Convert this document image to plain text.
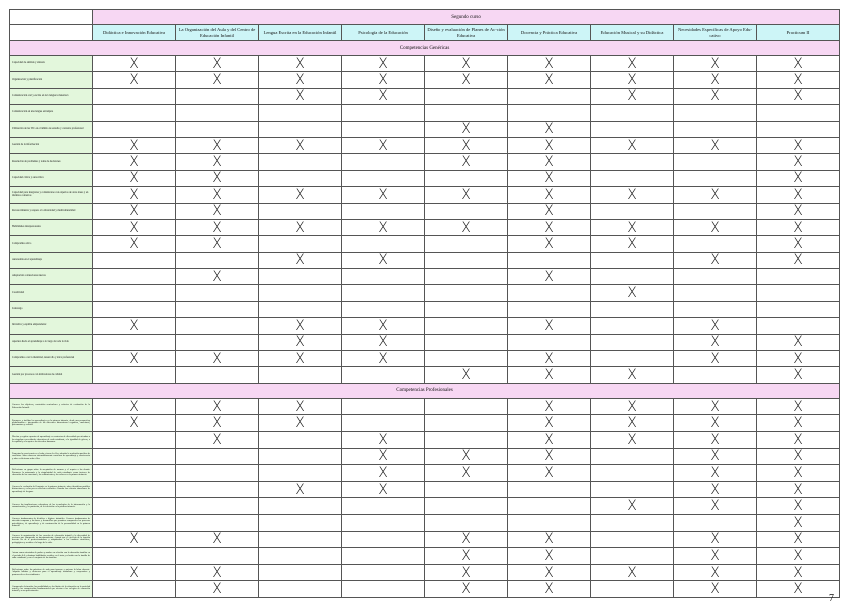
	Segundo curso								
	Didáctica e Innovación Educativa	La Organización del Aula y del Centro de Educación Infantil	Lengua Escrita en la Educación Infantil	Psicología de la Educación	Diseño y evaluación de Planes de Ac-ción Educativa	Docencia y Práctica Educativa	Educación Musical y su Didáctica	Necesidades Específicas de Apoyo Edu-cativo	Practicum II
Competencias Genéricas									
Capacidad de análisis y síntesis	X	X	X	X	X	X	X	X	X
Organización y planificación	X	X	X	X	X	X	X	X	X
Comunicación oral y escrita en la/s lengua/s materna/s			X	X			X	X	X
Comunicación en una lengua extranjera									
Utilización de las TIC en el ámbito de estudio y contexto profesional					X	X			
Gestión de la información	X	X	X	X	X	X	X	X	X
Resolución de problemas y toma de decisiones	X	X			X	X			X
Capacidad crítica y autocrítica	X	X				X			X
Capacidad para integrarse y comunicarse con expertos de otras áreas y en distintos contextos	X	X	X	X	X	X	X	X	X
Reconocimiento y respeto a la diversidad y multiculturalidad	X	X				X			X
Habilidades interpersonales	X	X	X	X	X	X	X	X	X
Compromiso ético	X	X				X	X		X
Autonomía en el aprendizaje			X	X				X	X
Adaptación a situaciones nuevas		X				X			
Creatividad							X		
Liderazgo									
Iniciativa y espíritu emprendedor	X		X	X		X		X	
Apertura hacia el aprendizaje a lo largo de toda la vida			X	X				X	X
Compromiso con la identidad, desarrollo y ética profesional	X	X	X	X		X		X	X
Gestión por procesos con indicadores de calidad					X	X	X		X
Competencias Profesionales									
Conocer los objetivos, contenidos curriculares y criterios de evaluación de la Educación Infantil.	X	X	X			X	X	X	X
Promover y facilitar los aprendizajes en la primera infancia, desde una perspectiva globalizadora e integradora de las diferentes dimensiones cognitiva, emocional, psicomotora y volitiva.	X	X	X			X	X	X	X
Diseñar y regular espacios de aprendizaje en contextos de diversidad que atiendan a las singulares necesidades educativas de cada estudiante, a la igualdad de género, a la equidad y al respeto a los derechos humanos.		X		X		X	X	X	X
Fomentar la convivencia en el aula y fuera de ella y abordar la resolución pacífica de conflictos. Saber observar sistemáticamente contextos de aprendizaje y convivencia y saber reflexionar sobre ellos.				X	X	X		X	X
Reflexionar en grupo sobre la aceptación de normas y el respeto a los demás. Promover la autonomía y la singularidad de cada estudiante como factores de educación de las emociones, los sentimientos y los valores en la primera infancia.				X	X	X		X	X
Conocer la evolución del lenguaje en la primera infancia, saber identificar posibles disfunciones y velar por su correcta evolución. Abordar con eficacia situaciones de aprendizaje de lenguas.			X	X				X	X
Conocer las implicaciones educativas de las tecnologías de la información y la comunicación y, en particular, de la televisión en la primera infancia.							X	X	X
Conocer fundamentos de dietética e higiene infantiles. Conocer fundamentos de atención temprana y las bases y desarrollos que permiten comprender los procesos psicológicos, de aprendizaje y de construcción de la personalidad en la primera infancia.									X
Conocer la organización de las escuelas de educación infantil y la diversidad de acciones que comprende su funcionamiento. Asumir que el ejercicio de la función docente ha de ir perfeccionándose y adaptándose a los cambios científicos, pedagógicos y sociales a lo largo de la vida.	X	X			X	X		X	X
Actuar como orientador de padres y madres en relación con la educación familiar en el periodo 0-6 y dominar habilidades sociales en el trato y relación con la familia de cada estudiante y con el conjunto de las familias.					X	X		X	X
Reflexionar sobre las prácticas de aula para innovar y mejorar la labor docente. Adquirir hábitos y destrezas para el aprendizaje autónomo y cooperativo y promoverlo en los estudiantes.	X	X			X	X	X	X	X
Comprender la función, las posibilidades y los límites de la educación en la sociedad actual y las competencias fundamentales que afectan a los colegios de educación infantil y a sus profesionales.		X			X	X		X	X
7
